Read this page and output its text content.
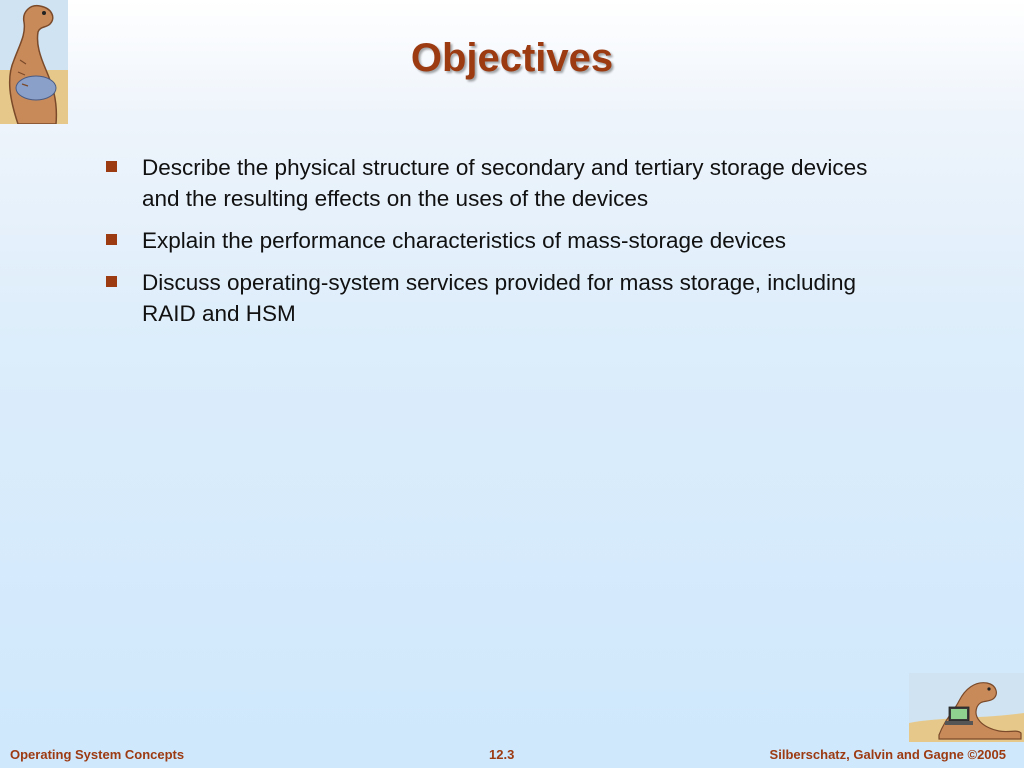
Objectives
Describe the physical structure of secondary and tertiary storage devices and the resulting effects on the uses of the devices
Explain the performance characteristics of mass-storage devices
Discuss operating-system services provided for mass storage, including RAID and HSM
Operating System Concepts	12.3	Silberschatz, Galvin and Gagne ©2005
